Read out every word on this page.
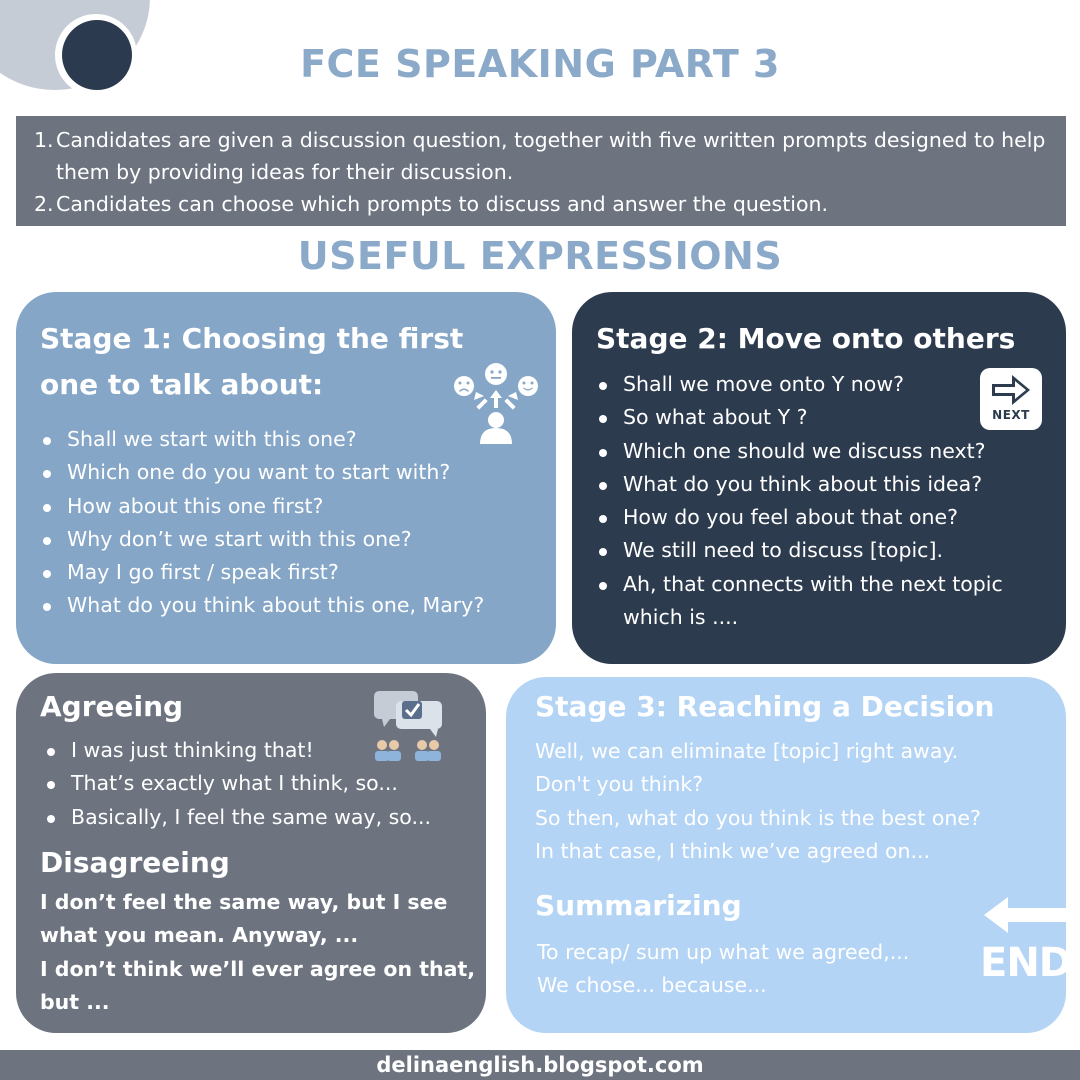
FCE SPEAKING PART 3
1. Candidates are given a discussion question, together with five written prompts designed to help them by providing ideas for their discussion.
2. Candidates can choose which prompts to discuss and answer the question.
USEFUL EXPRESSIONS
Stage 1: Choosing the first
one to talk about:
Shall we start with this one?
Which one do you want to start with?
How about this one first?
Why don’t we start with this one?
May I go first / speak first?
What do you think about this one, Mary?
Stage 2: Move onto others
NEXT
Shall we move onto Y now?
So what about Y ?
Which one should we discuss next?
What do you think about this idea?
How do you feel about that one?
We still need to discuss [topic].
Ah, that connects with the next topic which is ....
Agreeing
I was just thinking that!
That’s exactly what I think, so...
Basically, I feel the same way, so...
Disagreeing
I don’t feel the same way, but I see
what you mean. Anyway, ...
I don’t think we’ll ever agree on that,
but ...
Stage 3: Reaching a Decision
Well, we can eliminate [topic] right away.
Don't you think?
So then, what do you think is the best one?
In that case, I think we’ve agreed on...
Summarizing
To recap/ sum up what we agreed,...
We chose... because...	END
delinaenglish.blogspot.com
